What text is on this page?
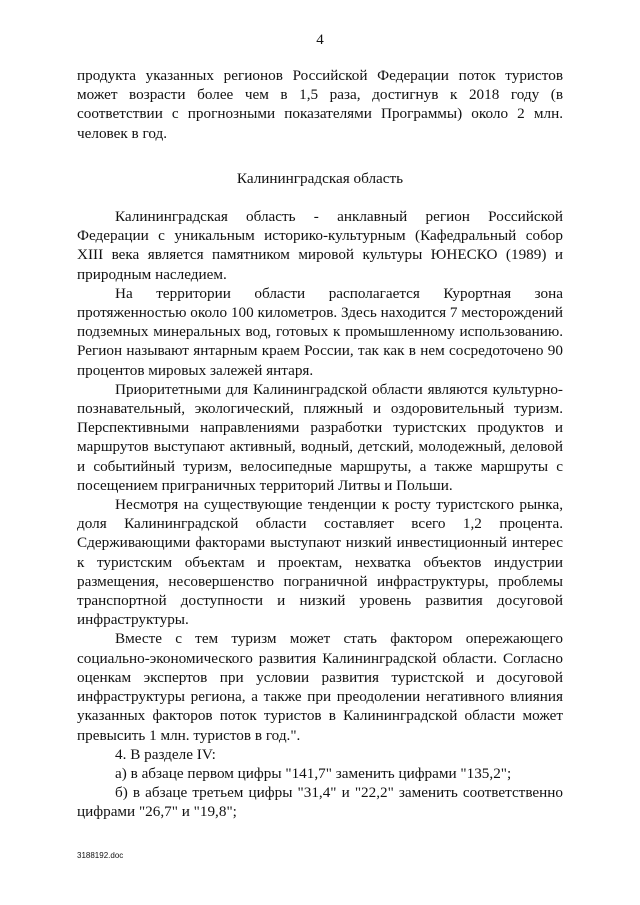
4

продукта указанных регионов Российской Федерации поток туристов может возрасти более чем в 1,5 раза, достигнув к 2018 году (в соответствии с прогнозными показателями Программы) около 2 млн. человек в год.

Калининградская область

Калининградская область - анклавный регион Российской Федерации с уникальным историко-культурным (Кафедральный собор XIII века является памятником мировой культуры ЮНЕСКО (1989) и природным наследием.

На территории области располагается Курортная зона протяженностью около 100 километров. Здесь находится 7 месторождений подземных минеральных вод, готовых к промышленному использованию. Регион называют янтарным краем России, так как в нем сосредоточено 90 процентов мировых залежей янтаря.

Приоритетными для Калининградской области являются культурно-познавательный, экологический, пляжный и оздоровительный туризм. Перспективными направлениями разработки туристских продуктов и маршрутов выступают активный, водный, детский, молодежный, деловой и событийный туризм, велосипедные маршруты, а также маршруты с посещением приграничных территорий Литвы и Польши.

Несмотря на существующие тенденции к росту туристского рынка, доля Калининградской области составляет всего 1,2 процента. Сдерживающими факторами выступают низкий инвестиционный интерес к туристским объектам и проектам, нехватка объектов индустрии размещения, несовершенство пограничной инфраструктуры, проблемы транспортной доступности и низкий уровень развития досуговой инфраструктуры.

Вместе с тем туризм может стать фактором опережающего социально-экономического развития Калининградской области. Согласно оценкам экспертов при условии развития туристской и досуговой инфраструктуры региона, а также при преодолении негативного влияния указанных факторов поток туристов в Калининградской области может превысить 1 млн. туристов в год.".

4. В разделе IV:

а) в абзаце первом цифры "141,7" заменить цифрами "135,2";

б) в абзаце третьем цифры "31,4" и "22,2" заменить соответственно цифрами "26,7" и "19,8";

3188192.doc
